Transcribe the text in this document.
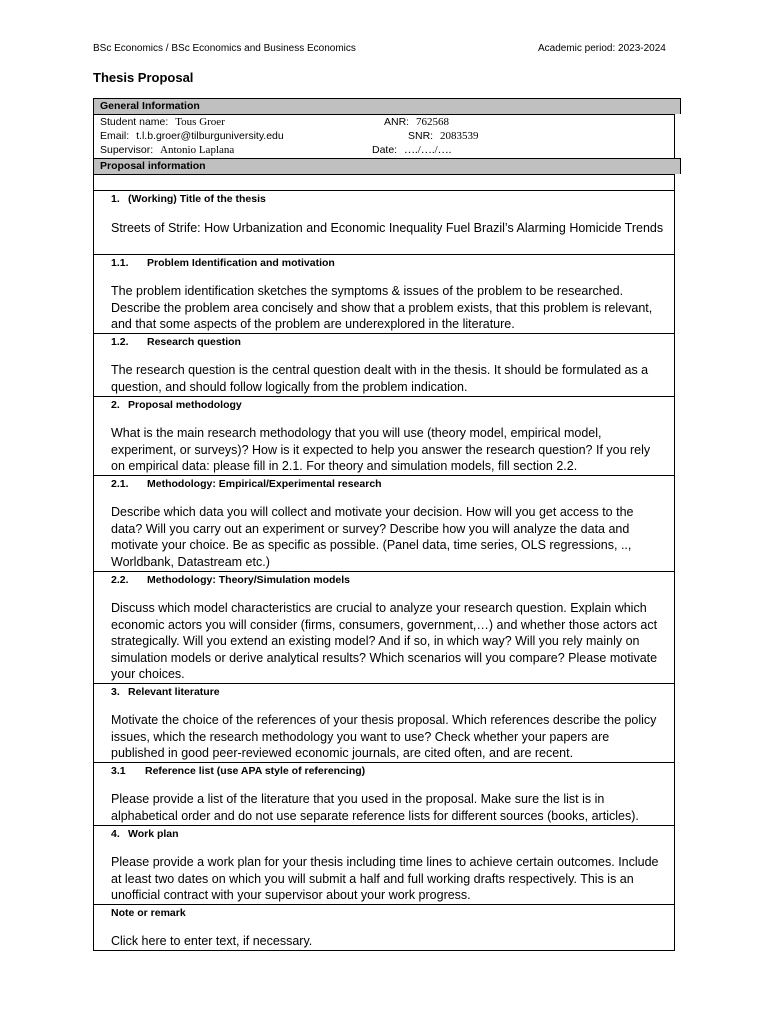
BSc Economics / BSc Economics and Business Economics	Academic period: 2023-2024
Thesis Proposal
General Information
Student name: Tous Groer	ANR: 762568
Email: t.l.b.groer@tilburguniversity.edu	SNR: 2083539
Supervisor: Antonio Laplana	Date: …./…./….
Proposal information
1. (Working) Title of the thesis
Streets of Strife: How Urbanization and Economic Inequality Fuel Brazil’s Alarming Homicide Trends
1.1. Problem Identification and motivation
The problem identification sketches the symptoms & issues of the problem to be researched. Describe the problem area concisely and show that a problem exists, that this problem is relevant, and that some aspects of the problem are underexplored in the literature.
1.2. Research question
The research question is the central question dealt with in the thesis. It should be formulated as a question, and should follow logically from the problem indication.
2. Proposal methodology
What is the main research methodology that you will use (theory model, empirical model, experiment, or surveys)? How is it expected to help you answer the research question? If you rely on empirical data: please fill in 2.1. For theory and simulation models, fill section 2.2.
2.1. Methodology: Empirical/Experimental research
Describe which data you will collect and motivate your decision. How will you get access to the data? Will you carry out an experiment or survey? Describe how you will analyze the data and motivate your choice. Be as specific as possible. (Panel data, time series, OLS regressions, .., Worldbank, Datastream etc.)
2.2. Methodology: Theory/Simulation models
Discuss which model characteristics are crucial to analyze your research question. Explain which economic actors you will consider (firms, consumers, government,…) and whether those actors act strategically. Will you extend an existing model? And if so, in which way? Will you rely mainly on simulation models or derive analytical results? Which scenarios will you compare? Please motivate your choices.
3. Relevant literature
Motivate the choice of the references of your thesis proposal. Which references describe the policy issues, which the research methodology you want to use? Check whether your papers are published in good peer-reviewed economic journals, are cited often, and are recent.
3.1 Reference list (use APA style of referencing)
Please provide a list of the literature that you used in the proposal. Make sure the list is in alphabetical order and do not use separate reference lists for different sources (books, articles).
4. Work plan
Please provide a work plan for your thesis including time lines to achieve certain outcomes. Include at least two dates on which you will submit a half and full working drafts respectively. This is an unofficial contract with your supervisor about your work progress.
Note or remark
Click here to enter text, if necessary.
